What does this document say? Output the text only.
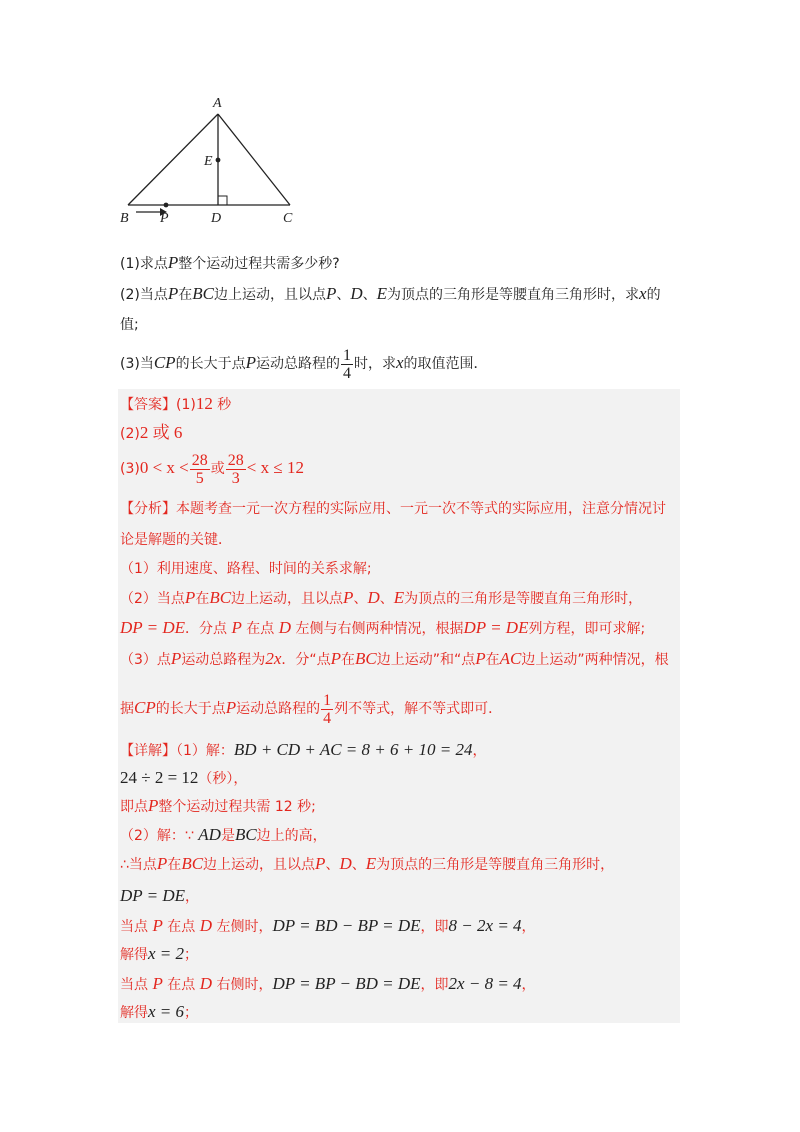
A
E
B P	D	C
(1)求点P整个运动过程共需多少秒?
(2)当点P在BC边上运动，且以点P、D、E为顶点的三角形是等腰直角三角形时，求x的
值;
(3)当CP的长大于点P运动总路程的 $\frac{1}{4}$ 时，求x的取值范围．
【答案】(1)12 秒
(2)2 或 6
$(3)0 < x < \frac{28}{5}$ 或 $\frac{28}{3} < x \le 12$
【分析】本题考查一元一次方程的实际应用、一元一次不等式的实际应用，注意分情况讨
论是解题的关键．
（1）利用速度、路程、时间的关系求解;
（2）当点P在BC边上运动，且以点P、D、E为顶点的三角形是等腰直角三角形时，
DP = DE．分点 P 在点 D 左侧与右侧两种情况，根据DP = DE列方程，即可求解;
（3）点P运动总路程为2x．分“点P在BC边上运动”和“点P在AC边上运动”两种情况，根
据CP的长大于点P运动总路程的 $\frac{1}{4}$ 列不等式，解不等式即可．
【详解】（1）解：BD + CD + AC = 8 + 6 + 10 = 24，
24 ÷ 2 = 12（秒），
即点P整个运动过程共需 12 秒;
（2）解：∵ AD是BC边上的高，
∴当点P在BC边上运动，且以点P、D、E为顶点的三角形是等腰直角三角形时，
DP = DE，
当点 P 在点 D 左侧时，DP = BD − BP = DE，即8 − 2x = 4，
解得x = 2；
当点 P 在点 D 右侧时，DP = BP − BD = DE，即2x − 8 = 4，
解得x = 6；
